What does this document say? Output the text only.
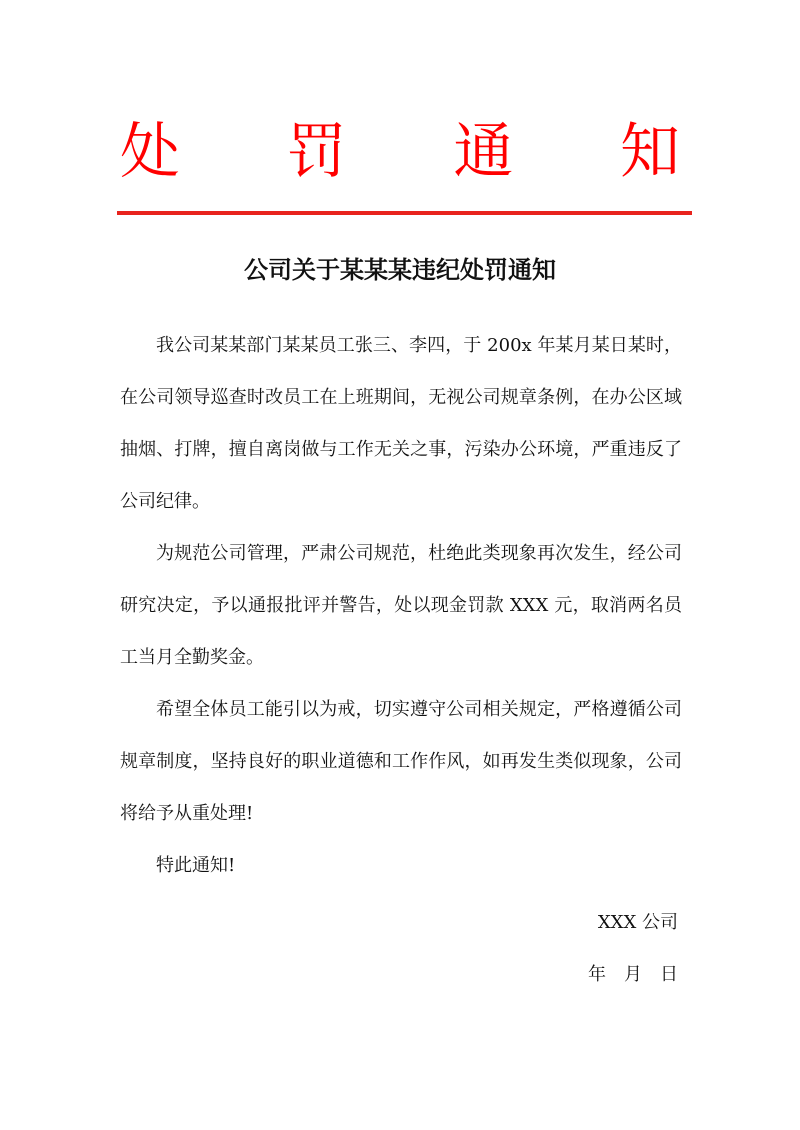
处 罚 通 知
公司关于某某某违纪处罚通知

我公司某某部门某某员工张三、李四，于 200x 年某月某日某时，在公司领导巡查时改员工在上班期间，无视公司规章条例，在办公区域抽烟、打牌，擅自离岗做与工作无关之事，污染办公环境，严重违反了公司纪律。

为规范公司管理，严肃公司规范，杜绝此类现象再次发生，经公司研究决定，予以通报批评并警告，处以现金罚款 XXX 元，取消两名员工当月全勤奖金。

希望全体员工能引以为戒，切实遵守公司相关规定，严格遵循公司规章制度，坚持良好的职业道德和工作作风，如再发生类似现象，公司将给予从重处理!

特此通知!

XXX 公司
年　月　日
